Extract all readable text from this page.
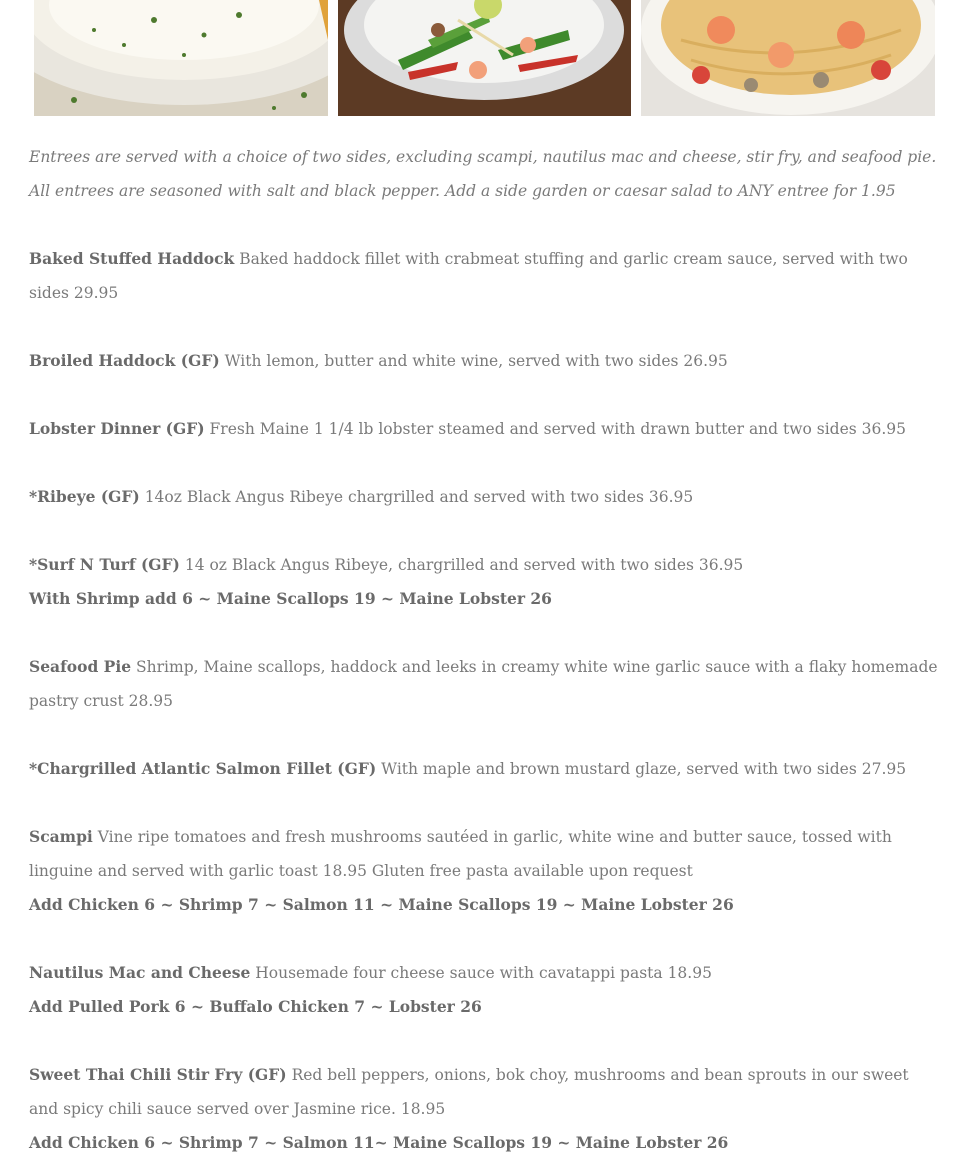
Entrees are served with a choice of two sides, excluding scampi, nautilus mac and cheese, stir fry, and seafood pie. All entrees are seasoned with salt and black pepper. Add a side garden or caesar salad to ANY entree for 1.95

Baked Stuffed Haddock Baked haddock fillet with crabmeat stuffing and garlic cream sauce, served with two sides 29.95

Broiled Haddock (GF) With lemon, butter and white wine, served with two sides 26.95

Lobster Dinner (GF) Fresh Maine 1 1/4 lb lobster steamed and served with drawn butter and two sides 36.95

*Ribeye (GF) 14oz Black Angus Ribeye chargrilled and served with two sides 36.95

*Surf N Turf (GF) 14 oz Black Angus Ribeye, chargrilled and served with two sides 36.95
With Shrimp add 6 ~ Maine Scallops 19 ~ Maine Lobster 26

Seafood Pie Shrimp, Maine scallops, haddock and leeks in creamy white wine garlic sauce with a flaky homemade pastry crust 28.95

*Chargrilled Atlantic Salmon Fillet (GF) With maple and brown mustard glaze, served with two sides 27.95

Scampi Vine ripe tomatoes and fresh mushrooms sautéed in garlic, white wine and butter sauce, tossed with linguine and served with garlic toast 18.95 Gluten free pasta available upon request
Add Chicken 6 ~ Shrimp 7 ~ Salmon 11 ~ Maine Scallops 19 ~ Maine Lobster 26

Nautilus Mac and Cheese Housemade four cheese sauce with cavatappi pasta 18.95
Add Pulled Pork 6 ~ Buffalo Chicken 7 ~ Lobster 26

Sweet Thai Chili Stir Fry (GF) Red bell peppers, onions, bok choy, mushrooms and bean sprouts in our sweet and spicy chili sauce served over Jasmine rice. 18.95
Add Chicken 6 ~ Shrimp 7 ~ Salmon 11~ Maine Scallops 19 ~ Maine Lobster 26
